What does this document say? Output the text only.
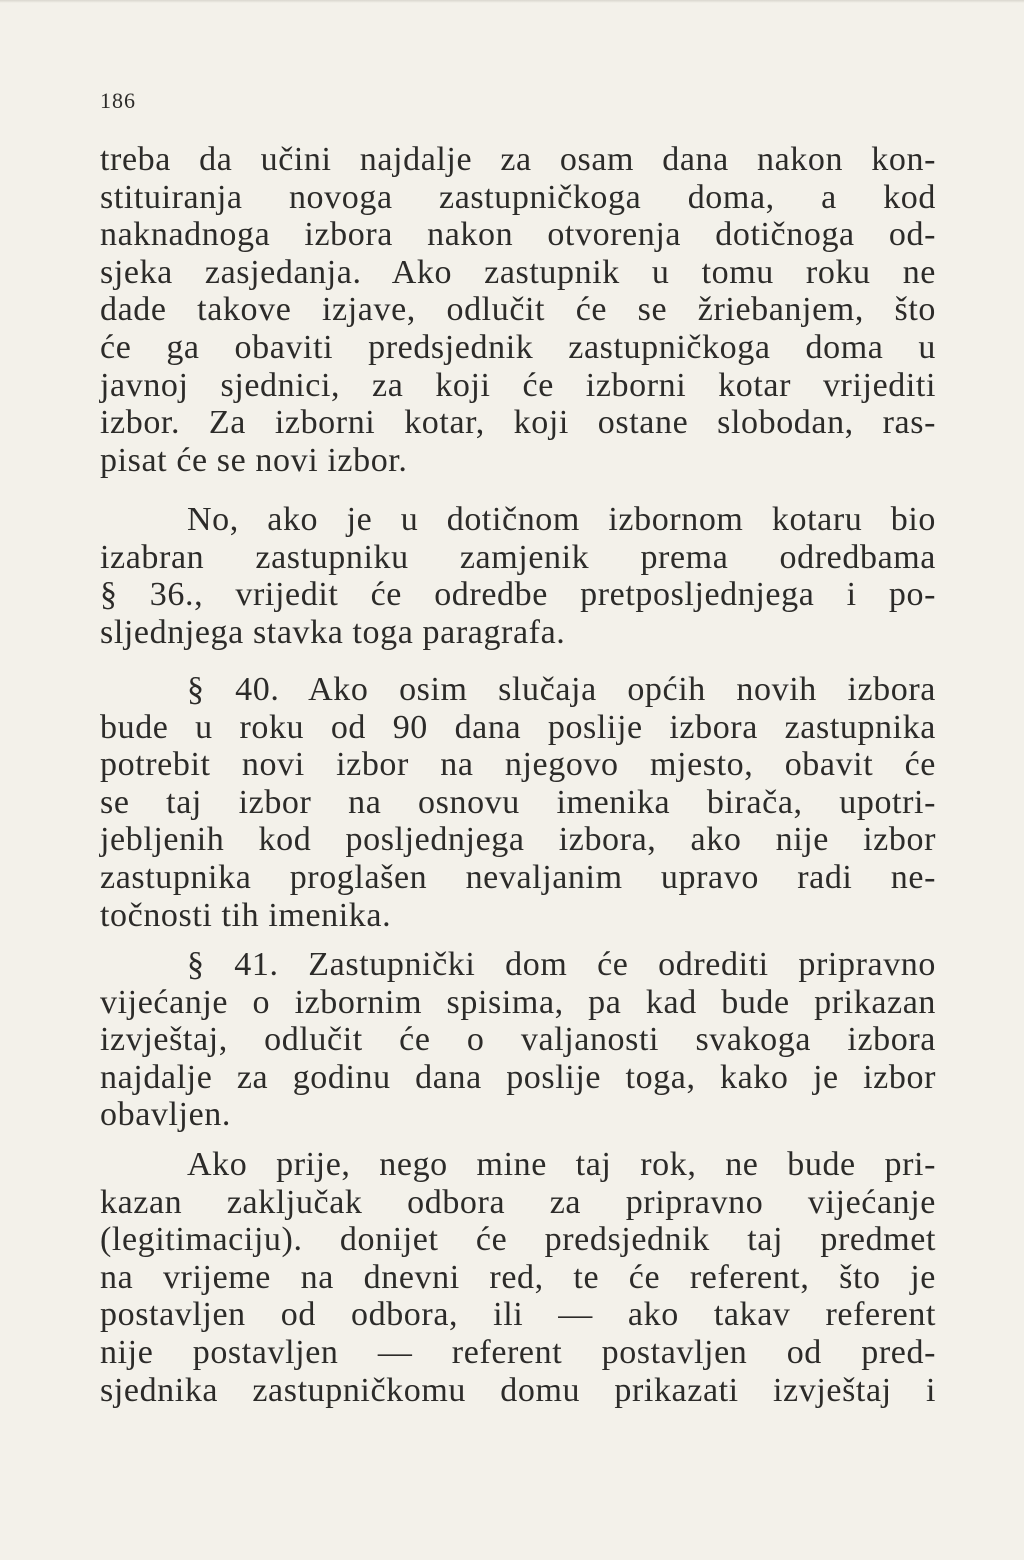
186
treba da učini najdalje za osam dana nakon kon-
stituiranja novoga zastupničkoga doma, a kod
naknadnoga izbora nakon otvorenja dotičnoga od-
sjeka zasjedanja. Ako zastupnik u tomu roku ne
dade takove izjave, odlučit će se žriebanjem, što
će ga obaviti predsjednik zastupničkoga doma u
javnoj sjednici, za koji će izborni kotar vrijediti
izbor. Za izborni kotar, koji ostane slobodan, ras-
pisat će se novi izbor.
No, ako je u dotičnom izbornom kotaru bio
izabran zastupniku zamjenik prema odredbama
§ 36., vrijedit će odredbe pretposljednjega i po-
sljednjega stavka toga paragrafa.
§ 40. Ako osim slučaja općih novih izbora
bude u roku od 90 dana poslije izbora zastupnika
potrebit novi izbor na njegovo mjesto, obavit će
se taj izbor na osnovu imenika birača, upotri-
jebljenih kod posljednjega izbora, ako nije izbor
zastupnika proglašen nevaljanim upravo radi ne-
točnosti tih imenika.
§ 41. Zastupnički dom će odrediti pripravno
vijećanje o izbornim spisima, pa kad bude prikazan
izvještaj, odlučit će o valjanosti svakoga izbora
najdalje za godinu dana poslije toga, kako je izbor
obavljen.
Ako prije, nego mine taj rok, ne bude pri-
kazan zaključak odbora za pripravno vijećanje
(legitimaciju). donijet će predsjednik taj predmet
na vrijeme na dnevni red, te će referent, što je
postavljen od odbora, ili — ako takav referent
nije postavljen — referent postavljen od pred-
sjednika zastupničkomu domu prikazati izvještaj i
